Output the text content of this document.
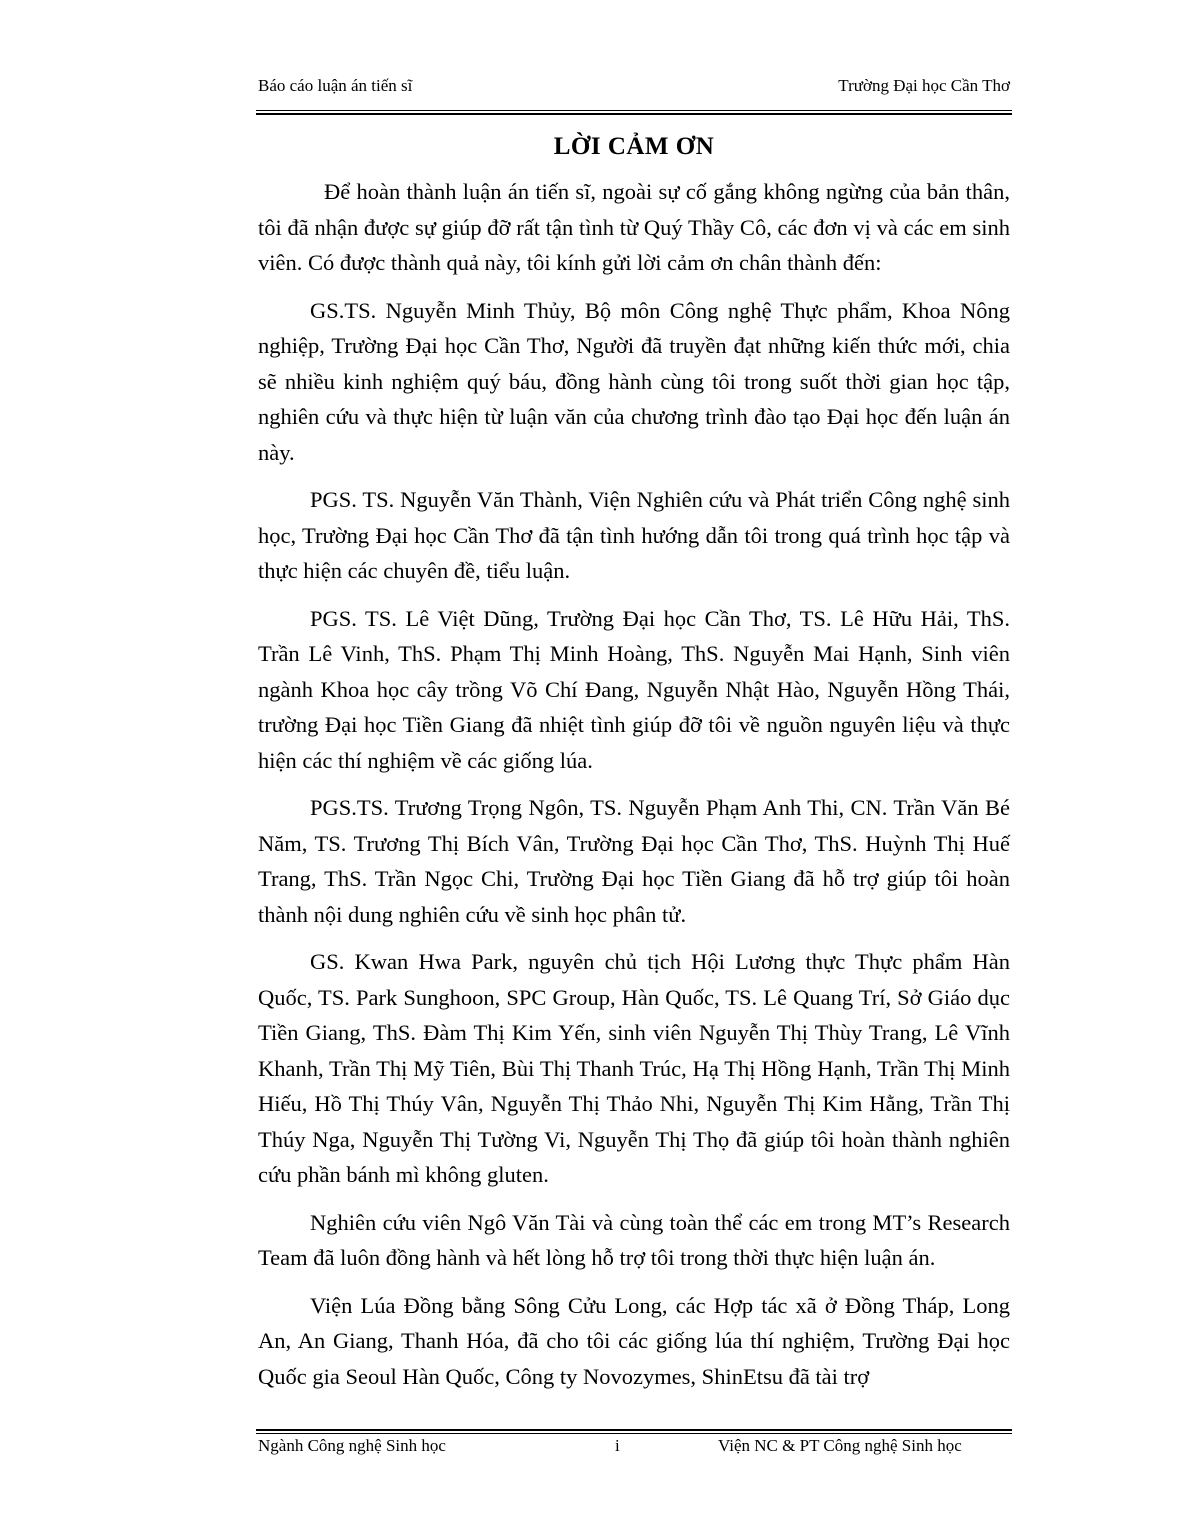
Báo cáo luận án tiến sĩ	Trường Đại học Cần Thơ
LỜI CẢM ƠN

Để hoàn thành luận án tiến sĩ, ngoài sự cố gắng không ngừng của bản thân, tôi đã nhận được sự giúp đỡ rất tận tình từ Quý Thầy Cô, các đơn vị và các em sinh viên. Có được thành quả này, tôi kính gửi lời cảm ơn chân thành đến:

GS.TS. Nguyễn Minh Thủy, Bộ môn Công nghệ Thực phẩm, Khoa Nông nghiệp, Trường Đại học Cần Thơ, Người đã truyền đạt những kiến thức mới, chia sẽ nhiều kinh nghiệm quý báu, đồng hành cùng tôi trong suốt thời gian học tập, nghiên cứu và thực hiện từ luận văn của chương trình đào tạo Đại học đến luận án này.

PGS. TS. Nguyễn Văn Thành, Viện Nghiên cứu và Phát triển Công nghệ sinh học, Trường Đại học Cần Thơ đã tận tình hướng dẫn tôi trong quá trình học tập và thực hiện các chuyên đề, tiểu luận.

PGS. TS. Lê Việt Dũng, Trường Đại học Cần Thơ, TS. Lê Hữu Hải, ThS. Trần Lê Vinh, ThS. Phạm Thị Minh Hoàng, ThS. Nguyễn Mai Hạnh, Sinh viên ngành Khoa học cây trồng Võ Chí Đang, Nguyễn Nhật Hào, Nguyễn Hồng Thái, trường Đại học Tiền Giang đã nhiệt tình giúp đỡ tôi về nguồn nguyên liệu và thực hiện các thí nghiệm về các giống lúa.

PGS.TS. Trương Trọng Ngôn, TS. Nguyễn Phạm Anh Thi, CN. Trần Văn Bé Năm, TS. Trương Thị Bích Vân, Trường Đại học Cần Thơ, ThS. Huỳnh Thị Huế Trang, ThS. Trần Ngọc Chi, Trường Đại học Tiền Giang đã hỗ trợ giúp tôi hoàn thành nội dung nghiên cứu về sinh học phân tử.

GS. Kwan Hwa Park, nguyên chủ tịch Hội Lương thực Thực phẩm Hàn Quốc, TS. Park Sunghoon, SPC Group, Hàn Quốc, TS. Lê Quang Trí, Sở Giáo dục Tiền Giang, ThS. Đàm Thị Kim Yến, sinh viên Nguyễn Thị Thùy Trang, Lê Vĩnh Khanh, Trần Thị Mỹ Tiên, Bùi Thị Thanh Trúc, Hạ Thị Hồng Hạnh, Trần Thị Minh Hiếu, Hồ Thị Thúy Vân, Nguyễn Thị Thảo Nhi, Nguyễn Thị Kim Hằng, Trần Thị Thúy Nga, Nguyễn Thị Tường Vi, Nguyễn Thị Thọ đã giúp tôi hoàn thành nghiên cứu phần bánh mì không gluten.

Nghiên cứu viên Ngô Văn Tài và cùng toàn thể các em trong MT’s Research Team đã luôn đồng hành và hết lòng hỗ trợ tôi trong thời thực hiện luận án.

Viện Lúa Đồng bằng Sông Cửu Long, các Hợp tác xã ở Đồng Tháp, Long An, An Giang, Thanh Hóa, đã cho tôi các giống lúa thí nghiệm, Trường Đại học Quốc gia Seoul Hàn Quốc, Công ty Novozymes, ShinEtsu đã tài trợ

Ngành Công nghệ Sinh học	i	Viện NC & PT Công nghệ Sinh học
